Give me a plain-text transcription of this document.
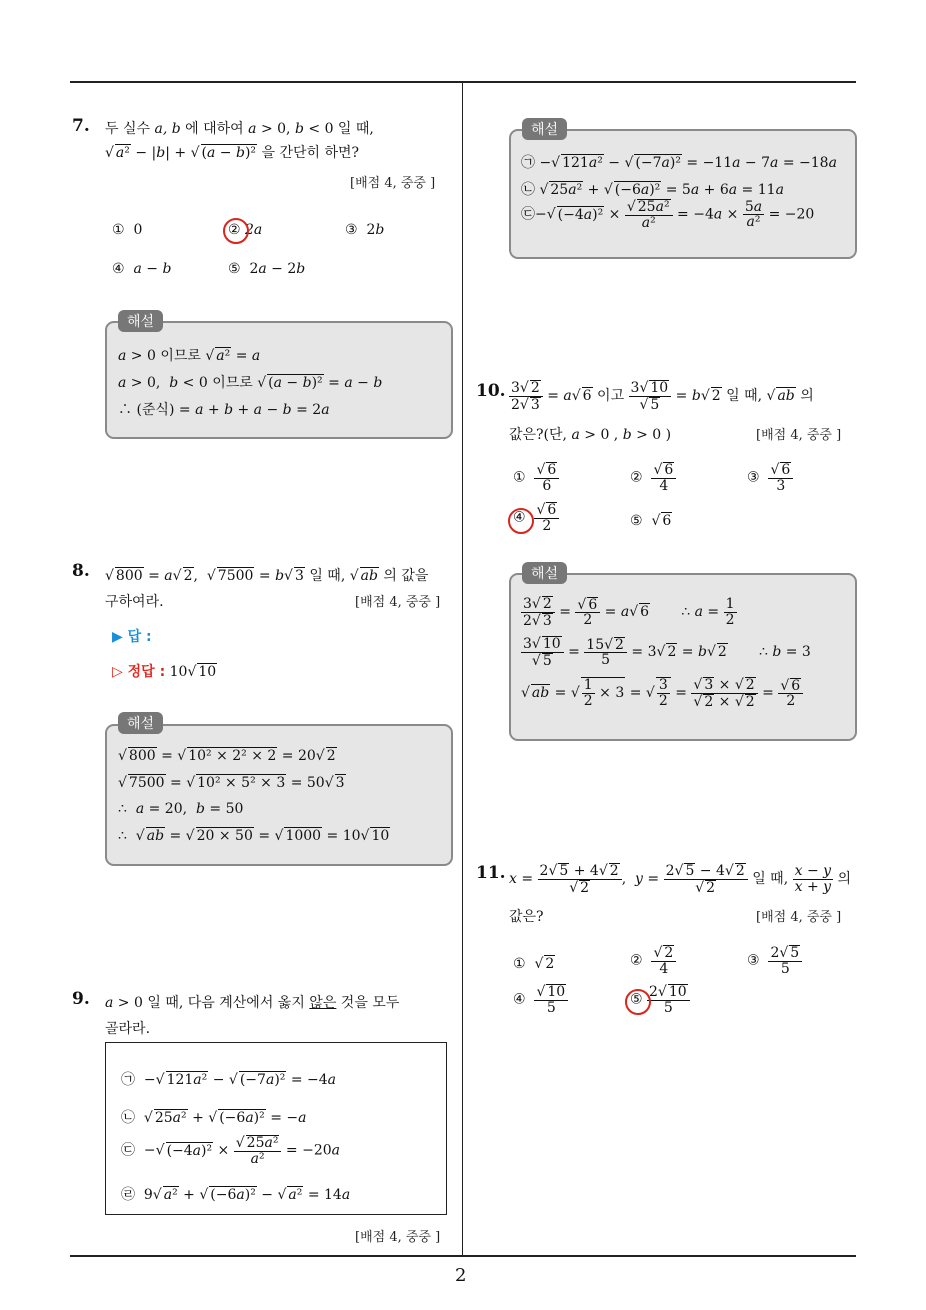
2
7. 두 실수 a, b 에 대하여 a > 0, b < 0 일 때,
√ a² − |b| + √ (a − b)² 을 간단히 하면?
[배점 4, 중중 ]
①  0	② 2a	③  2b
④  a − b	⑤  2a − 2b
해설
a > 0 이므로 √ a² = a
a > 0,  b < 0 이므로 √ (a − b)² = a − b
∴ (준식) = a + b + a − b = 2a
8. √ 800 = a√ 2,  √ 7500 = b√ 3 일 때, √ ab 의 값을
구하여라.	[배점 4, 중중 ]
▶ 답 :
▷ 정답 : 10√ 10
해설
√ 800 = √ 10² × 2² × 2 = 20√ 2
√ 7500 = √ 10² × 5² × 3 = 50√ 3
∴  a = 20,  b = 50
∴  √ ab = √ 20 × 50 = √ 1000 = 10√ 10
9. a > 0 일 때, 다음 계산에서 옳지 않은 것을 모두
골라라.
㉠  −√ 121a² − √ (−7a)² = −4a
㉡  √ 25a² + √ (−6a)² = −a
㉢  −√ $(-4a)^2 \times \frac{\text{√ 25a²}}{\text{a²}} = -20a$
㉣  9√ a² + √ (−6a)² − √ a² = 14a
[배점 4, 중중 ]
해설
㉠ −√ 121a² − √ (−7a)² = −11a − 7a = −18a
㉡ √ 25a² + √ (−6a)² = 5a + 6a = 11a
㉢−√ $(-4a)^2 \times \frac{\text{√ 25a²}}{\text{a²}} = -4a \times \frac{5a}{\text{a²}} = -20$
10. $\frac{3√ 2}{2√ 3} = a√$ 6 이고 $\frac{3√ 10}{√ 5} = b√$ 2 일 때, √ ab 의
값은?(단, a > 0 , b > 0 )	[배점 4, 중중 ]
① $\frac{√ 6}{6}$	② $\frac{√ 6}{4}$	③ $\frac{√ 6}{3}$
④ $\frac{√ 6}{2}$	⑤  √ 6
해설
$\frac{3√ 2}{2√ 3} = \frac{√ 6}{2} = a√$ 6       ∴ $a = \frac{1}{2}$
$\frac{3√ 10}{√ 5} = \frac{15√ 2}{5} = 3√$ 2 = b√ 2       ∴ b = 3
√ ab = √ $\frac{1}{2} \times 3$ = √ $\frac{3}{2} = \frac{√ 3 \times √ 2}{√ 2 \times √ 2} = \frac{√ 6}{2}$
11. $x = \frac{2√ 5 + 4√ 2}{√ 2}$ ,  $y = \frac{2√ 5 - 4√ 2}{√ 2}$ 일 때, $\frac{x - y}{x + y}$ 의
값은?	[배점 4, 중중 ]
①  √ 2	② $\frac{√ 2}{4}$	③ $\frac{2√ 5}{5}$
④ $\frac{√ 10}{5}$	⑤ $\frac{2√ 10}{5}$
